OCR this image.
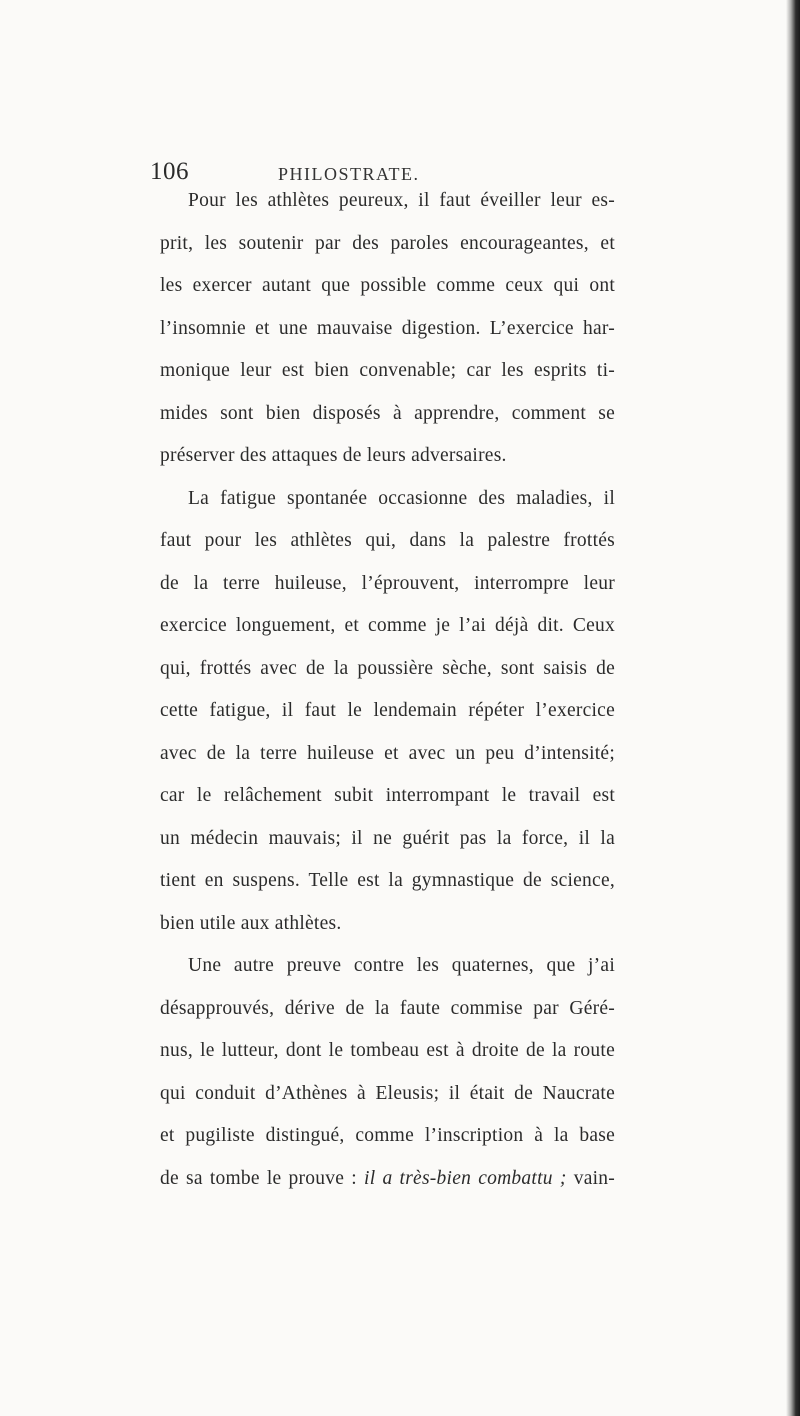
106	PHILOSTRATE.
Pour les athlètes peureux, il faut éveiller leur es-
prit, les soutenir par des paroles encourageantes, et
les exercer autant que possible comme ceux qui ont
l’insomnie et une mauvaise digestion. L’exercice har-
monique leur est bien convenable; car les esprits ti-
mides sont bien disposés à apprendre, comment se
préserver des attaques de leurs adversaires.
La fatigue spontanée occasionne des maladies, il
faut pour les athlètes qui, dans la palestre frottés
de la terre huileuse, l’éprouvent, interrompre leur
exercice longuement, et comme je l’ai déjà dit. Ceux
qui, frottés avec de la poussière sèche, sont saisis de
cette fatigue, il faut le lendemain répéter l’exercice
avec de la terre huileuse et avec un peu d’intensité;
car le relâchement subit interrompant le travail est
un médecin mauvais; il ne guérit pas la force, il la
tient en suspens. Telle est la gymnastique de science,
bien utile aux athlètes.
Une autre preuve contre les quaternes, que j’ai
désapprouvés, dérive de la faute commise par Géré-
nus, le lutteur, dont le tombeau est à droite de la route
qui conduit d’Athènes à Eleusis; il était de Naucrate
et pugiliste distingué, comme l’inscription à la base
de sa tombe le prouve : il a très-bien combattu ; vain-
